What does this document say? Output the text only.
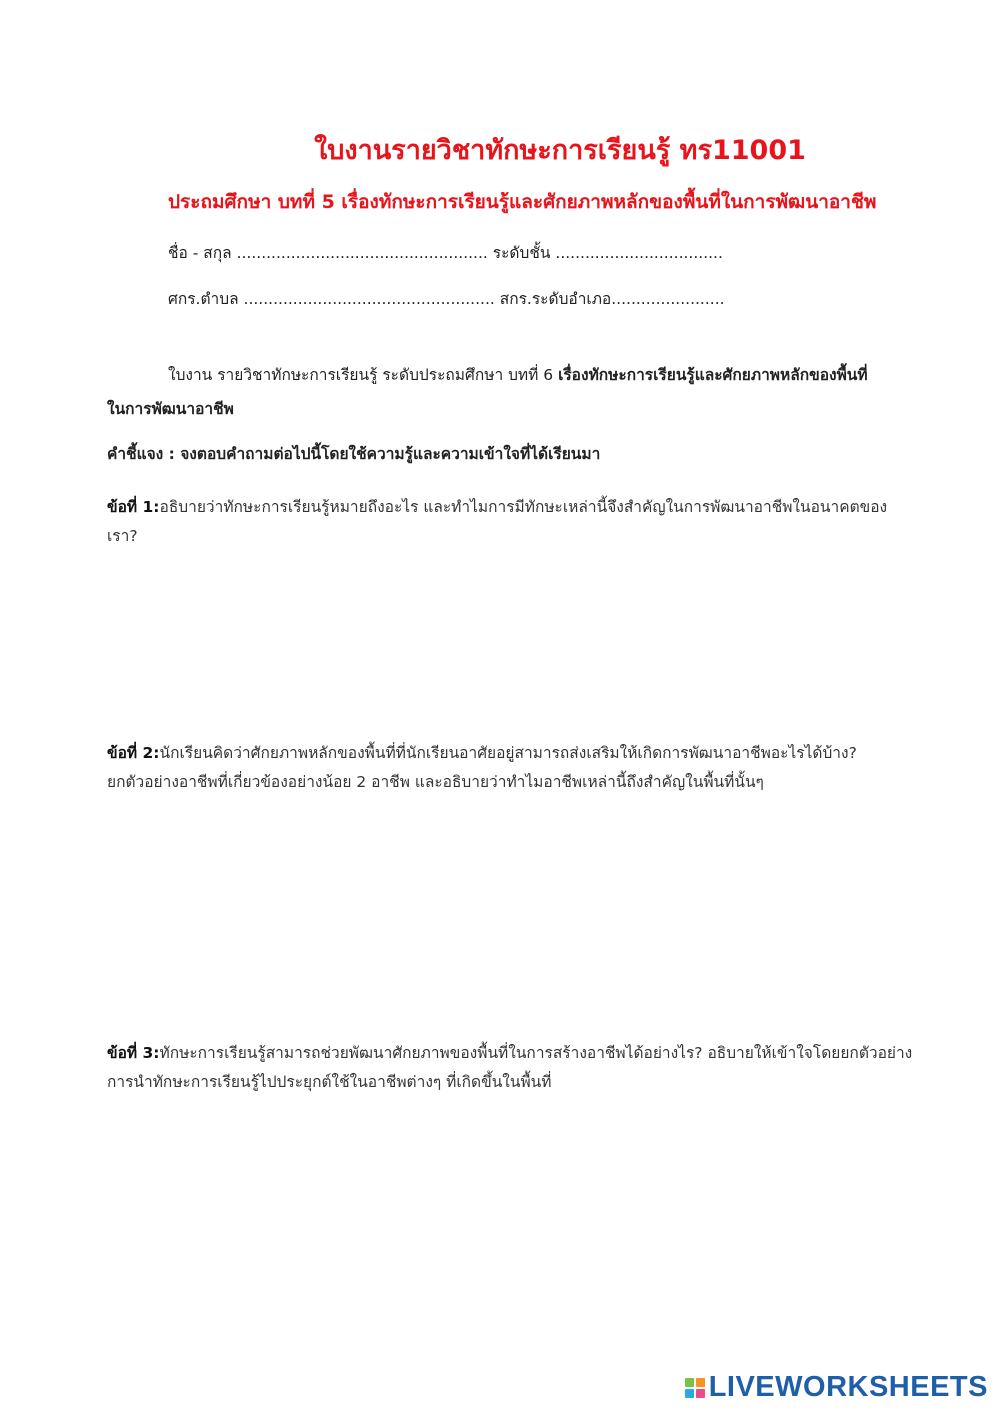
ใบงานรายวิชาทักษะการเรียนรู้ ทร11001
ประถมศึกษา บทที่ 5 เรื่องทักษะการเรียนรู้และศักยภาพหลักของพื้นที่ในการพัฒนาอาชีพ
ชื่อ - สกุล ................................................... ระดับชั้น ..................................
ศกร.ตำบล ................................................... สกร.ระดับอำเภอ.......................
ใบงาน รายวิชาทักษะการเรียนรู้ ระดับประถมศึกษา บทที่ 6 เรื่องทักษะการเรียนรู้และศักยภาพหลักของพื้นที่
ในการพัฒนาอาชีพ
คำชี้แจง : จงตอบคำถามต่อไปนี้โดยใช้ความรู้และความเข้าใจที่ได้เรียนมา
ข้อที่ 1:อธิบายว่าทักษะการเรียนรู้หมายถึงอะไร และทำไมการมีทักษะเหล่านี้จึงสำคัญในการพัฒนาอาชีพในอนาคตของ
เรา?
ข้อที่ 2:นักเรียนคิดว่าศักยภาพหลักของพื้นที่ที่นักเรียนอาศัยอยู่สามารถส่งเสริมให้เกิดการพัฒนาอาชีพอะไรได้บ้าง?
ยกตัวอย่างอาชีพที่เกี่ยวข้องอย่างน้อย 2 อาชีพ และอธิบายว่าทำไมอาชีพเหล่านี้ถึงสำคัญในพื้นที่นั้นๆ
ข้อที่ 3:ทักษะการเรียนรู้สามารถช่วยพัฒนาศักยภาพของพื้นที่ในการสร้างอาชีพได้อย่างไร? อธิบายให้เข้าใจโดยยกตัวอย่าง
การนำทักษะการเรียนรู้ไปประยุกต์ใช้ในอาชีพต่างๆ ที่เกิดขึ้นในพื้นที่
LIVEWORKSHEETS
